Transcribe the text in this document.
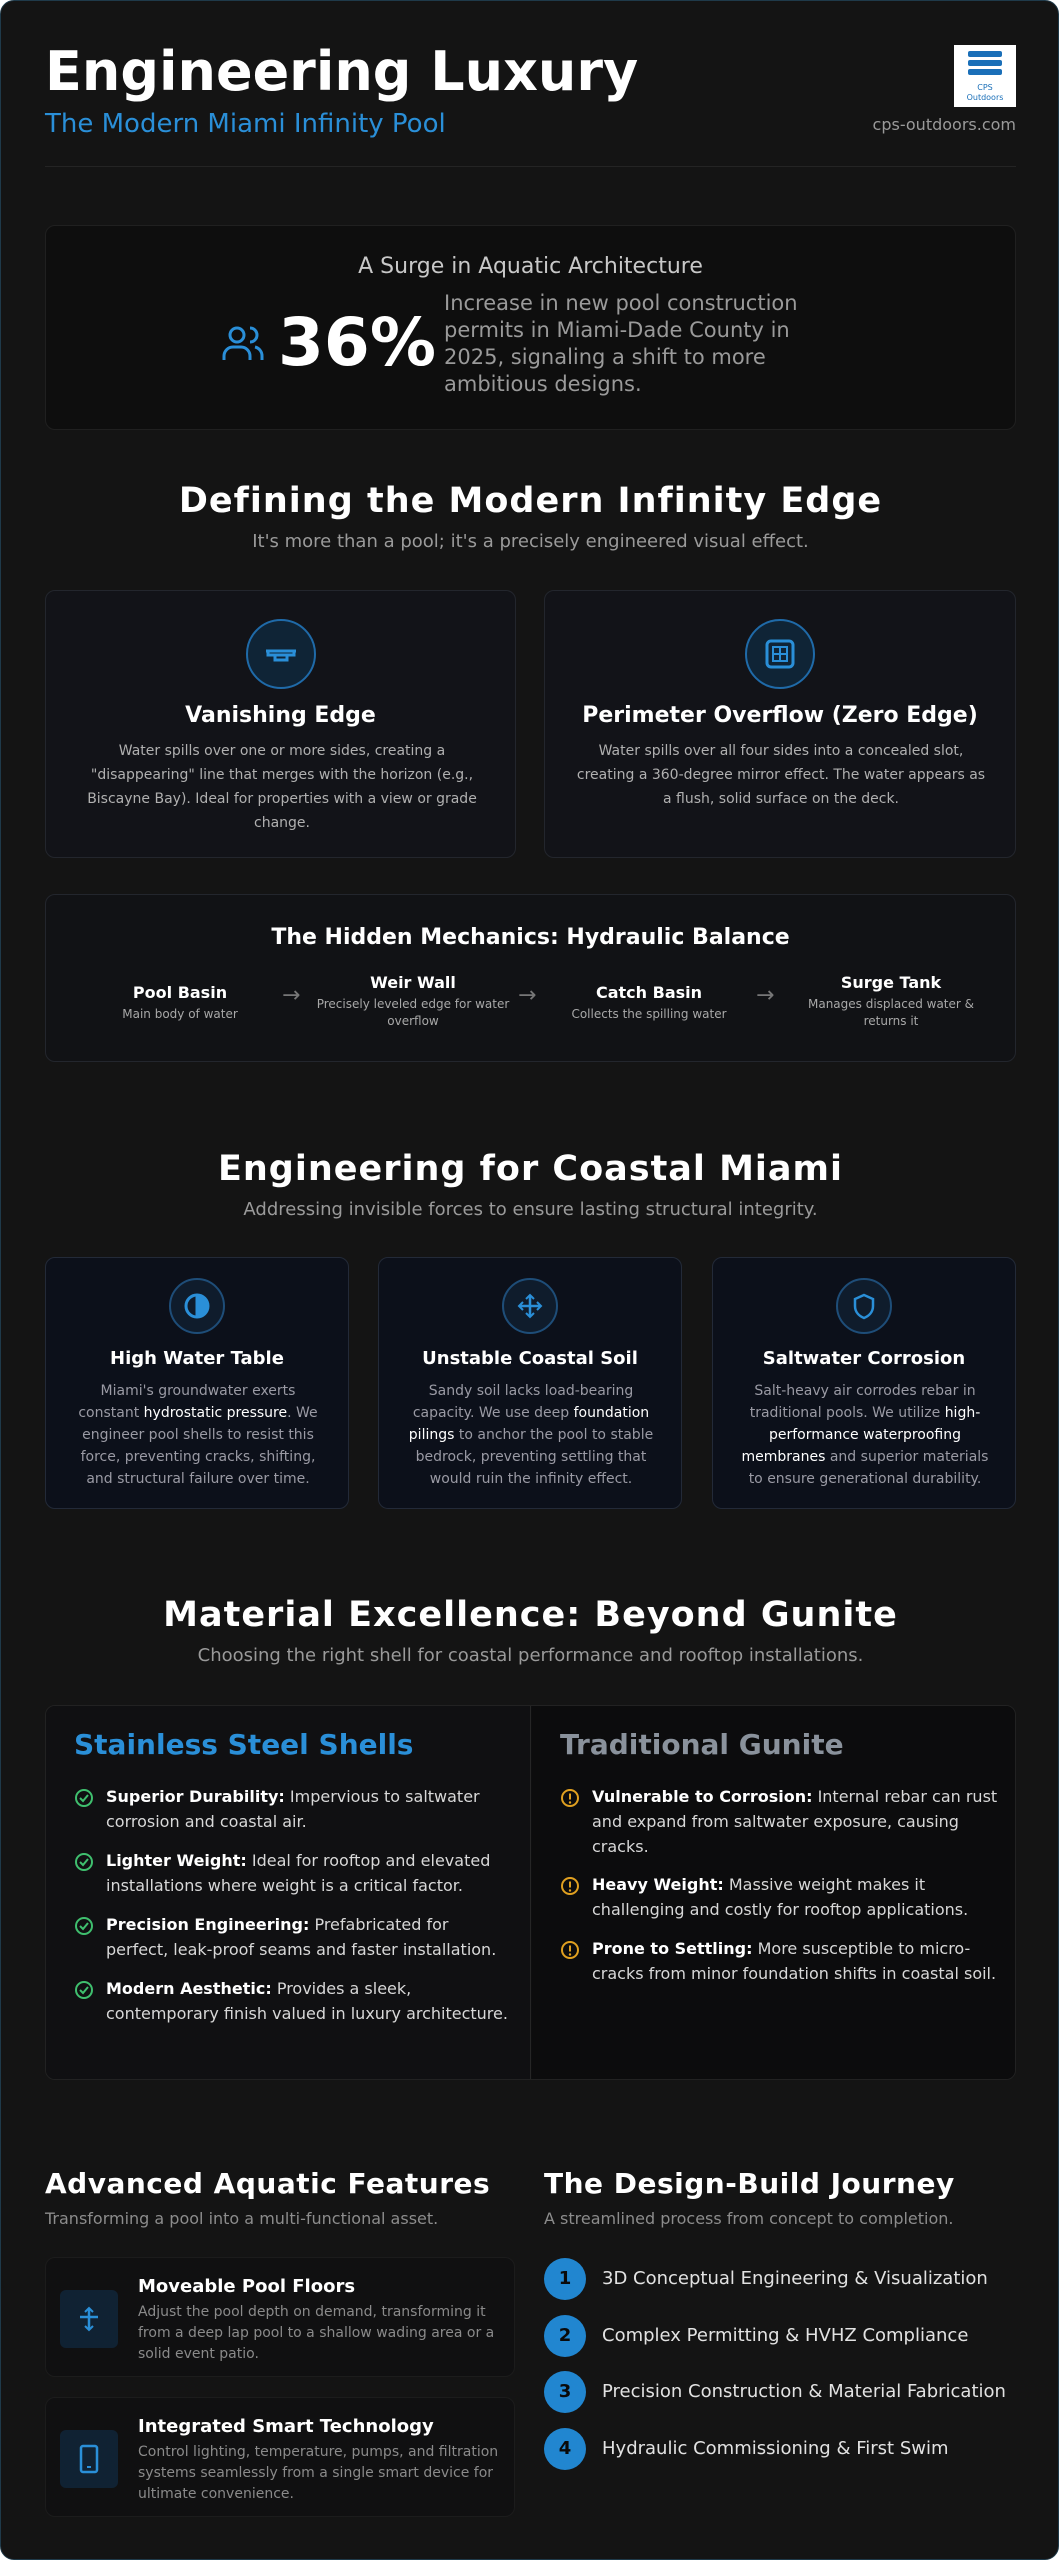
Engineering Luxury
The Modern Miami Infinity Pool
CPS
Outdoors
cps-outdoors.com
A Surge in Aquatic Architecture
36%
Increase in new pool construction permits in Miami-Dade County in 2025, signaling a shift to more ambitious designs.
Defining the Modern Infinity Edge
It's more than a pool; it's a precisely engineered visual effect.
Vanishing Edge
Water spills over one or more sides, creating a "disappearing" line that merges with the horizon (e.g., Biscayne Bay). Ideal for properties with a view or grade change.
Perimeter Overflow (Zero Edge)
Water spills over all four sides into a concealed slot, creating a 360-degree mirror effect. The water appears as a flush, solid surface on the deck.
The Hidden Mechanics: Hydraulic Balance
Pool Basin
Main body of water
→
Weir Wall
Precisely leveled edge for water overflow
→	Catch Basin
Collects the spilling water
→
Surge Tank
Manages displaced water & returns it
Engineering for Coastal Miami
Addressing invisible forces to ensure lasting structural integrity.
High Water Table
Miami's groundwater exerts constant hydrostatic pressure. We engineer pool shells to resist this force, preventing cracks, shifting, and structural failure over time.
Unstable Coastal Soil
Sandy soil lacks load-bearing capacity. We use deep foundation pilings to anchor the pool to stable bedrock, preventing settling that would ruin the infinity effect.
Saltwater Corrosion
Salt-heavy air corrodes rebar in traditional pools. We utilize high-performance waterproofing membranes and superior materials to ensure generational durability.
Material Excellence: Beyond Gunite
Choosing the right shell for coastal performance and rooftop installations.
Stainless Steel Shells
Superior Durability: Impervious to saltwater corrosion and coastal air.
Lighter Weight: Ideal for rooftop and elevated installations where weight is a critical factor.
Precision Engineering: Prefabricated for perfect, leak-proof seams and faster installation.
Modern Aesthetic: Provides a sleek, contemporary finish valued in luxury architecture.
Traditional Gunite
Vulnerable to Corrosion: Internal rebar can rust and expand from saltwater exposure, causing cracks.
Heavy Weight: Massive weight makes it challenging and costly for rooftop applications.
Prone to Settling: More susceptible to micro-cracks from minor foundation shifts in coastal soil.
Advanced Aquatic Features
Transforming a pool into a multi-functional asset.
Moveable Pool Floors
Adjust the pool depth on demand, transforming it from a deep lap pool to a shallow wading area or a solid event patio.
Integrated Smart Technology
Control lighting, temperature, pumps, and filtration systems seamlessly from a single smart device for ultimate convenience.
The Design-Build Journey
A streamlined process from concept to completion.
1	3D Conceptual Engineering & Visualization
2	Complex Permitting & HVHZ Compliance
3	Precision Construction & Material Fabrication
4	Hydraulic Commissioning & First Swim
